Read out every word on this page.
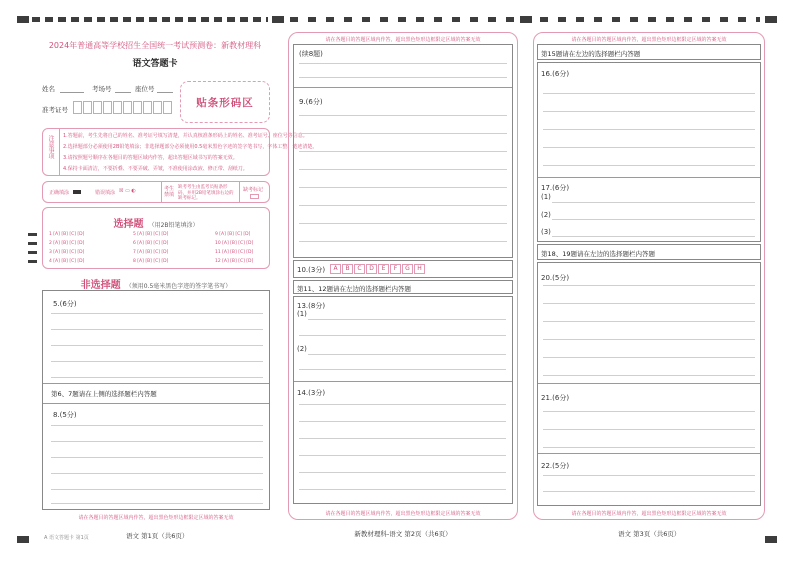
2024年普通高等学校招生全国统一考试预测卷：新教材理科
语文答题卡
姓名	考场号	座位号
准考证号
贴条形码区
注意事项 1.答题前，考生先将自己的姓名、准考证号填写清楚，并认真核准条形码上的姓名、准考证号、座位号等信息。
2.选择题部分必须使用2B铅笔填涂；非选择题部分必须使用0.5毫米黑色字迹的签字笔书写，字体工整、笔迹清楚。
3.请按照题号顺序在各题目的答题区域内作答，超出答题区域书写的答案无效。
4.保持卡面清洁，不要折叠、不要弄破、弄皱，不准使用涂改液、修正带、刮纸刀。
正确填涂	错误填涂 ☒ ▭ ◐	考生禁填
缺考考生由监考员贴条形码，并用2B铅笔填涂右边的缺考标记。
缺考标记
选择题 （用2B铅笔填涂）
1 [A] [B] [C] [D]	5 [A] [B] [C] [D]	9 [A] [B] [C] [D]
2 [A] [B] [C] [D]	6 [A] [B] [C] [D]	10 [A] [B] [C] [D]
3 [A] [B] [C] [D]	7 [A] [B] [C] [D]	11 [A] [B] [C] [D]
4 [A] [B] [C] [D]	8 [A] [B] [C] [D]	12 [A] [B] [C] [D]
非选择题 （须用0.5毫米黑色字迹的签字笔书写）
5.(6分)
第6、7题请在上侧的选择题栏内答题
8.(5分)
请在各题目的答题区域内作答，超出黑色矩形边框限定区域的答案无效
A 语文答题卡 第1页	语文 第1页（共6页）
请在各题目的答题区域内作答，超出黑色矩形边框限定区域的答案无效
(续8题)
9.(6分)
10.(3分)	A	B	C	D	E	F	G	H
第11、12题请在左边的选择题栏内答题
13.(8分)
(1)
(2)
14.(3分)
请在各题目的答题区域内作答，超出黑色矩形边框限定区域的答案无效
新教材理科-语文 第2页（共6页）
请在各题目的答题区域内作答，超出黑色矩形边框限定区域的答案无效
第15题请在左边的选择题栏内答题
16.(6分)
17.(6分)
(1)
(2)
(3)
第18、19题请在左边的选择题栏内答题
20.(5分)
21.(6分)
22.(5分)
请在各题目的答题区域内作答，超出黑色矩形边框限定区域的答案无效
语文 第3页（共6页）
